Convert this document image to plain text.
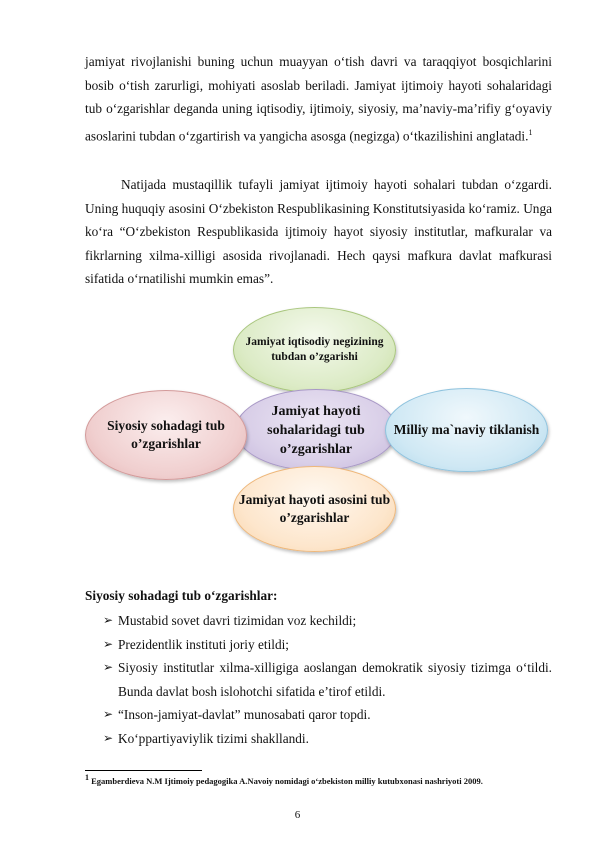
jamiyat rivojlanishi buning uchun muayyan o‘tish davri va taraqqiyot bosqichlarini bosib o‘tish zarurligi, mohiyati asoslab beriladi. Jamiyat ijtimoiy hayoti sohalaridagi tub o‘zgarishlar deganda uning iqtisodiy, ijtimoiy, siyosiy, ma’naviy-ma’rifiy g‘oyaviy asoslarini tubdan o‘zgartirish va yangicha asosga (negizga) o‘tkazilishini anglatadi.$^1$
Natijada mustaqillik tufayli jamiyat ijtimoiy hayoti sohalari tubdan o‘zgardi. Uning huquqiy asosini O‘zbekiston Respublikasining Konstitutsiyasida ko‘ramiz. Unga ko‘ra “O‘zbekiston Respublikasida ijtimoiy hayot siyosiy institutlar, mafkuralar va fikrlarning xilma-xilligi asosida rivojlanadi. Hech qaysi mafkura davlat mafkurasi sifatida o‘rnatilishi mumkin emas”.
Jamiyat iqtisodiy negizining tubdan o’zgarishi
Jamiyat hayoti sohalaridagi tub o’zgarishlar
Siyosiy sohadagi tub o’zgarishlar
Milliy ma`naviy tiklanish
Jamiyat hayoti asosini tub o’zgarishlar
Siyosiy sohadagi tub o‘zgarishlar:
➢ Mustabid sovet davri tizimidan voz kechildi;
➢ Prezidentlik instituti joriy etildi;
➢ Siyosiy institutlar xilma-xilligiga aoslangan demokratik siyosiy tizimga o‘tildi. Bunda davlat bosh islohotchi sifatida e’tirof etildi.
➢ “Inson-jamiyat-davlat” munosabati qaror topdi.
➢ Ko‘ppartiyaviylik tizimi shakllandi.
$^1$ Egamberdieva N.M Ijtimoiy pedagogika A.Navoiy nomidagi o‘zbekiston milliy kutubxonasi nashriyoti 2009.
6
